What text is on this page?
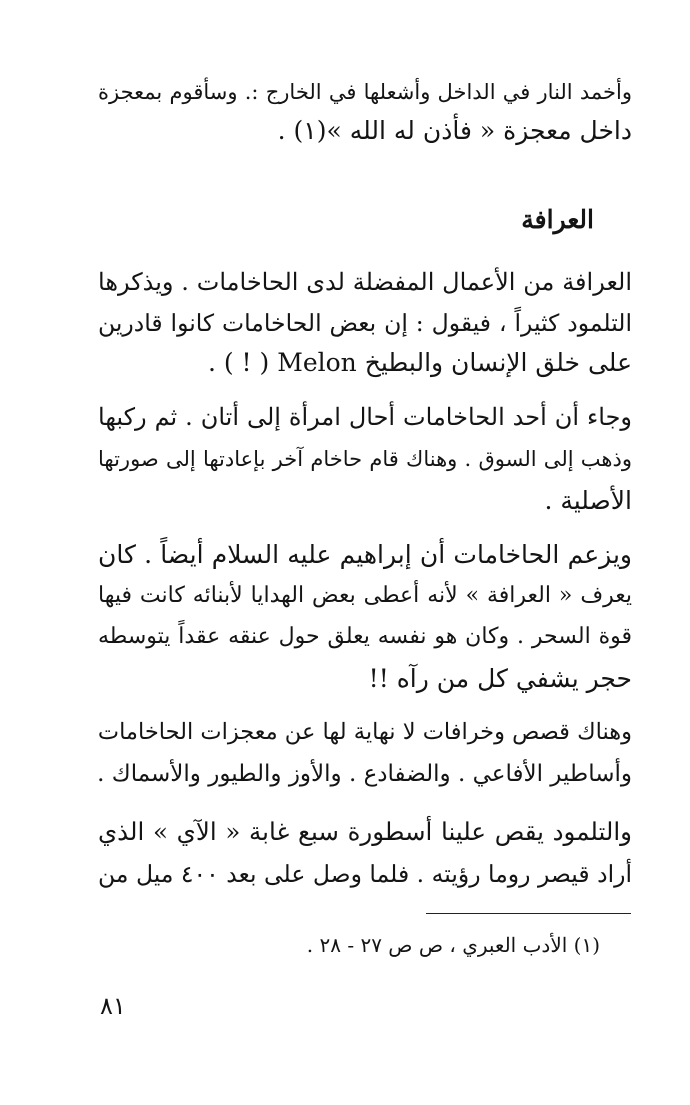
وأخمد النار في الداخل وأشعلها في الخارج :. وسأقوم بمعجزة
داخل معجزة « فأذن له الله »(١) .
العرافة
العرافة من الأعمال المفضلة لدى الحاخامات . ويذكرها
التلمود كثيراً ، فيقول : إن بعض الحاخامات كانوا قادرين
على خلق الإنسان والبطيخ Melon ( ! ) .
وجاء أن أحد الحاخامات أحال امرأة إلى أتان . ثم ركبها
وذهب إلى السوق . وهناك قام حاخام آخر بإعادتها إلى صورتها
الأصلية .
ويزعم الحاخامات أن إبراهيم عليه السلام أيضاً . كان
يعرف « العرافة » لأنه أعطى بعض الهدايا لأبنائه كانت فيها
قوة السحر . وكان هو نفسه يعلق حول عنقه عقداً يتوسطه
حجر يشفي كل من رآه !!
وهناك قصص وخرافات لا نهاية لها عن معجزات الحاخامات
وأساطير الأفاعي . والضفادع . والأوز والطيور والأسماك .
والتلمود يقص علينا أسطورة سبع غابة « الآي » الذي
أراد قيصر روما رؤيته . فلما وصل على بعد ٤٠٠ ميل من
(١) الأدب العبري ، ص ص ٢٧ - ٢٨ .
٨١
